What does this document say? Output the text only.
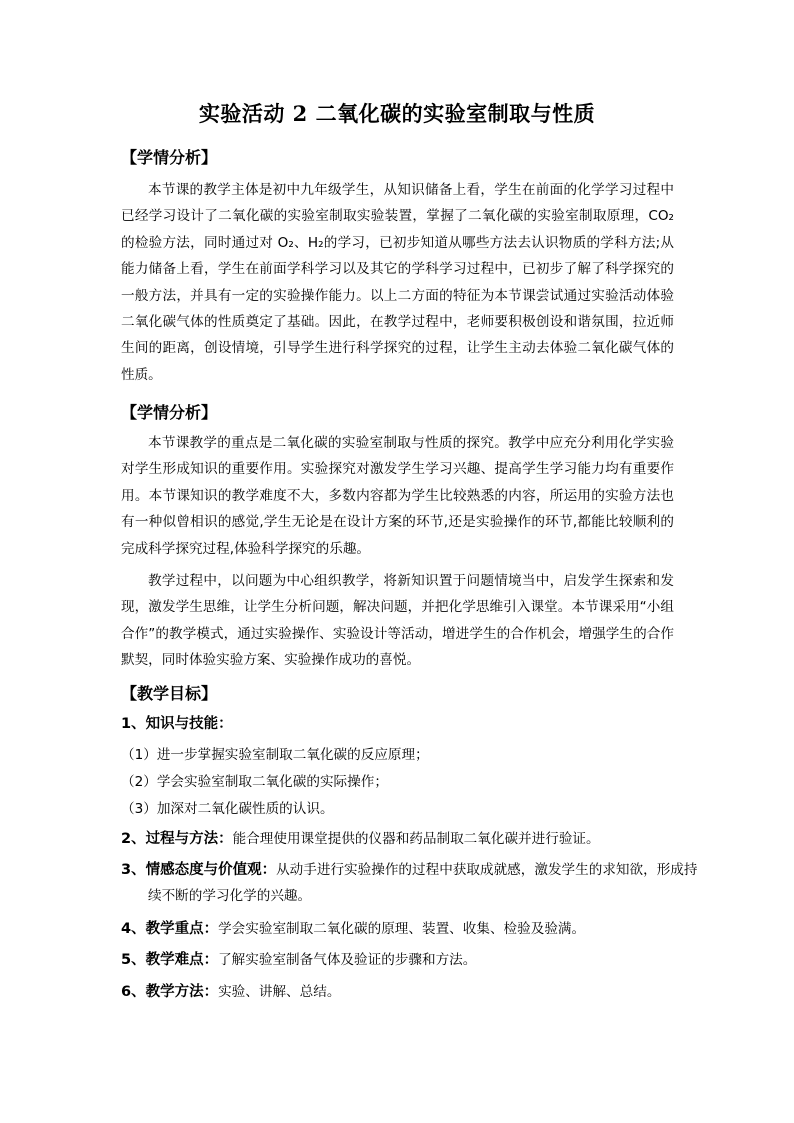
实验活动 2 二氧化碳的实验室制取与性质
【学情分析】

本节课的教学主体是初中九年级学生，从知识储备上看，学生在前面的化学学习过程中已经学习设计了二氧化碳的实验室制取实验装置，掌握了二氧化碳的实验室制取原理，CO₂的检验方法，同时通过对 O₂、H₂的学习，已初步知道从哪些方法去认识物质的学科方法;从能力储备上看，学生在前面学科学习以及其它的学科学习过程中，已初步了解了科学探究的一般方法，并具有一定的实验操作能力。以上二方面的特征为本节课尝试通过实验活动体验二氧化碳气体的性质奠定了基础。因此，在教学过程中，老师要积极创设和谐氛围，拉近师生间的距离，创设情境，引导学生进行科学探究的过程，让学生主动去体验二氧化碳气体的性质。

【学情分析】

本节课教学的重点是二氧化碳的实验室制取与性质的探究。教学中应充分利用化学实验对学生形成知识的重要作用。实验探究对激发学生学习兴趣、提高学生学习能力均有重要作用。本节课知识的教学难度不大，多数内容都为学生比较熟悉的内容，所运用的实验方法也有一种似曾相识的感觉,学生无论是在设计方案的环节,还是实验操作的环节,都能比较顺利的完成科学探究过程,体验科学探究的乐趣。

教学过程中，以问题为中心组织教学，将新知识置于问题情境当中，启发学生探索和发现，激发学生思维，让学生分析问题，解决问题，并把化学思维引入课堂。本节课采用“小组合作”的教学模式，通过实验操作、实验设计等活动，增进学生的合作机会，增强学生的合作默契，同时体验实验方案、实验操作成功的喜悦。

【教学目标】
1、知识与技能：
（1）进一步掌握实验室制取二氧化碳的反应原理；
（2）学会实验室制取二氧化碳的实际操作；
（3）加深对二氧化碳性质的认识。
2、过程与方法：能合理使用课堂提供的仪器和药品制取二氧化碳并进行验证。
3、情感态度与价值观：从动手进行实验操作的过程中获取成就感，激发学生的求知欲，形成持续不断的学习化学的兴趣。
4、教学重点：学会实验室制取二氧化碳的原理、装置、收集、检验及验满。
5、教学难点：了解实验室制备气体及验证的步骤和方法。
6、教学方法：实验、讲解、总结。
